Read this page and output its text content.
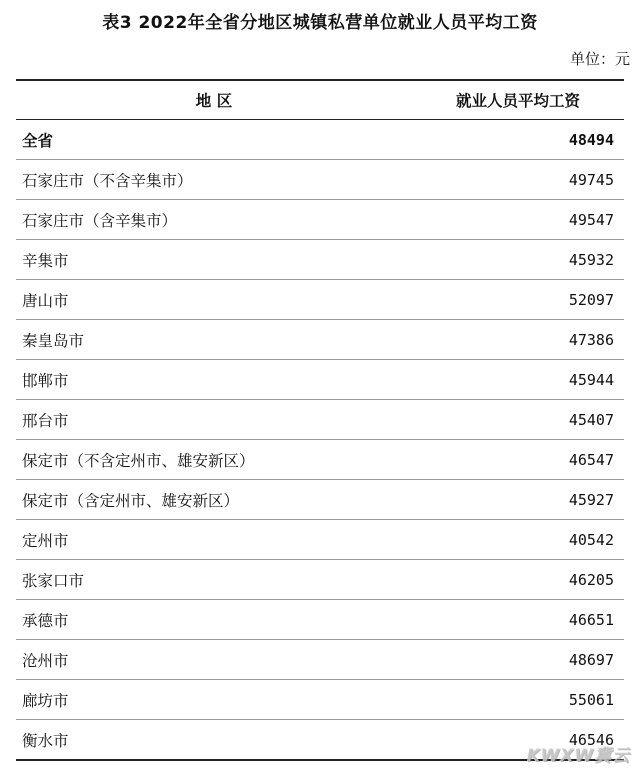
表3 2022年全省分地区城镇私营单位就业人员平均工资
单位：元
地 区	就业人员平均工资
全省	48494
石家庄市（不含辛集市）	49745
石家庄市（含辛集市）	49547
辛集市	45932
唐山市	52097
秦皇岛市	47386
邯郸市	45944
邢台市	45407
保定市（不含定州市、雄安新区）	46547
保定市（含定州市、雄安新区）	45927
定州市	40542
张家口市	46205
承德市	46651
沧州市	48697
廊坊市	55061
衡水市	46546
KWXW冀云
